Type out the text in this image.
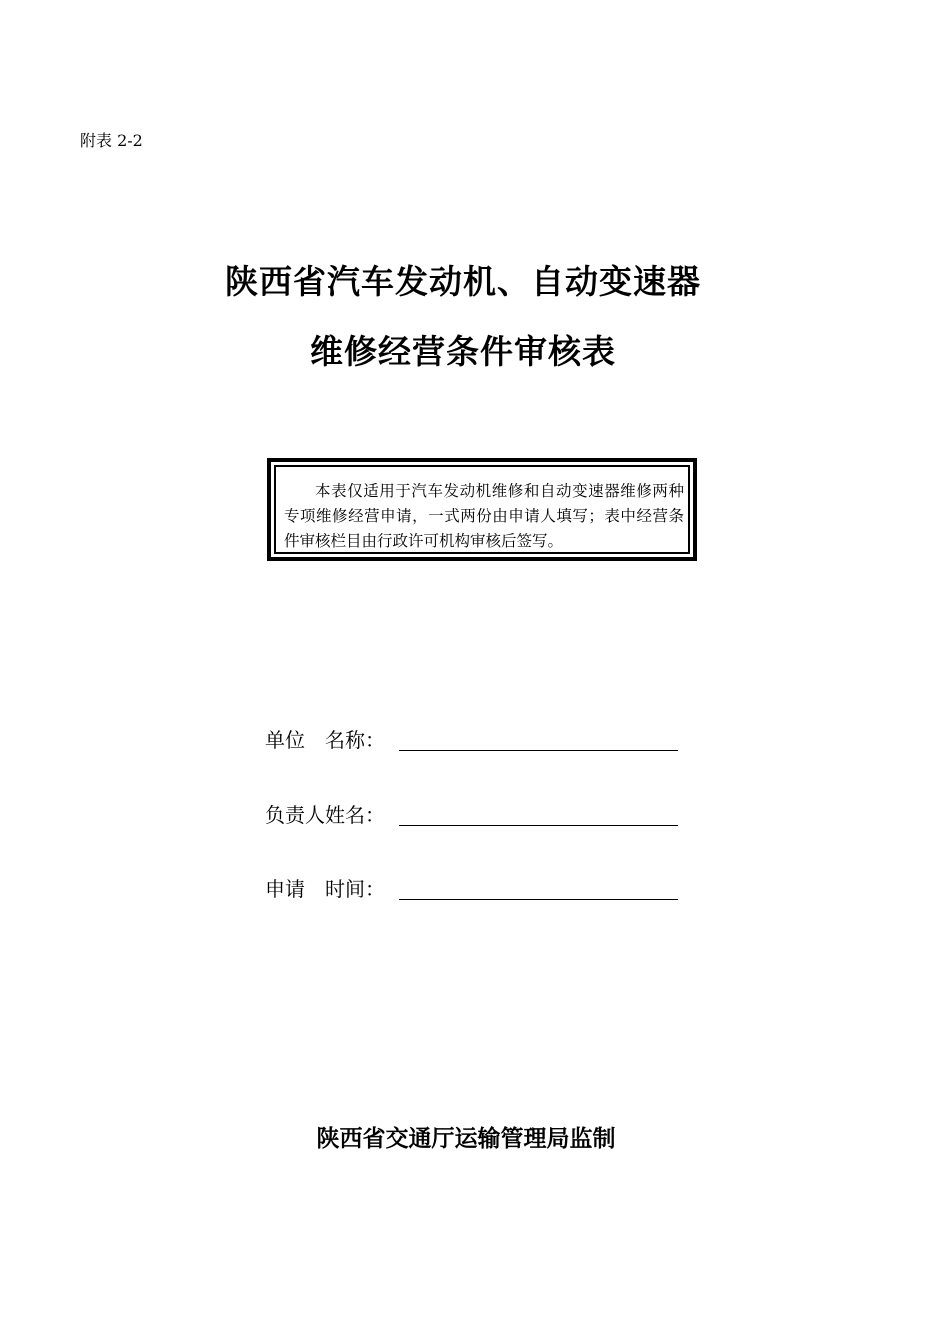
附表 2-2
陕西省汽车发动机、自动变速器
维修经营条件审核表
本表仅适用于汽车发动机维修和自动变速器维修两种专项维修经营申请，一式两份由申请人填写；表中经营条件审核栏目由行政许可机构审核后签写。
单位　名称：
负责人姓名：
申请　时间：
陕西省交通厅运输管理局监制
